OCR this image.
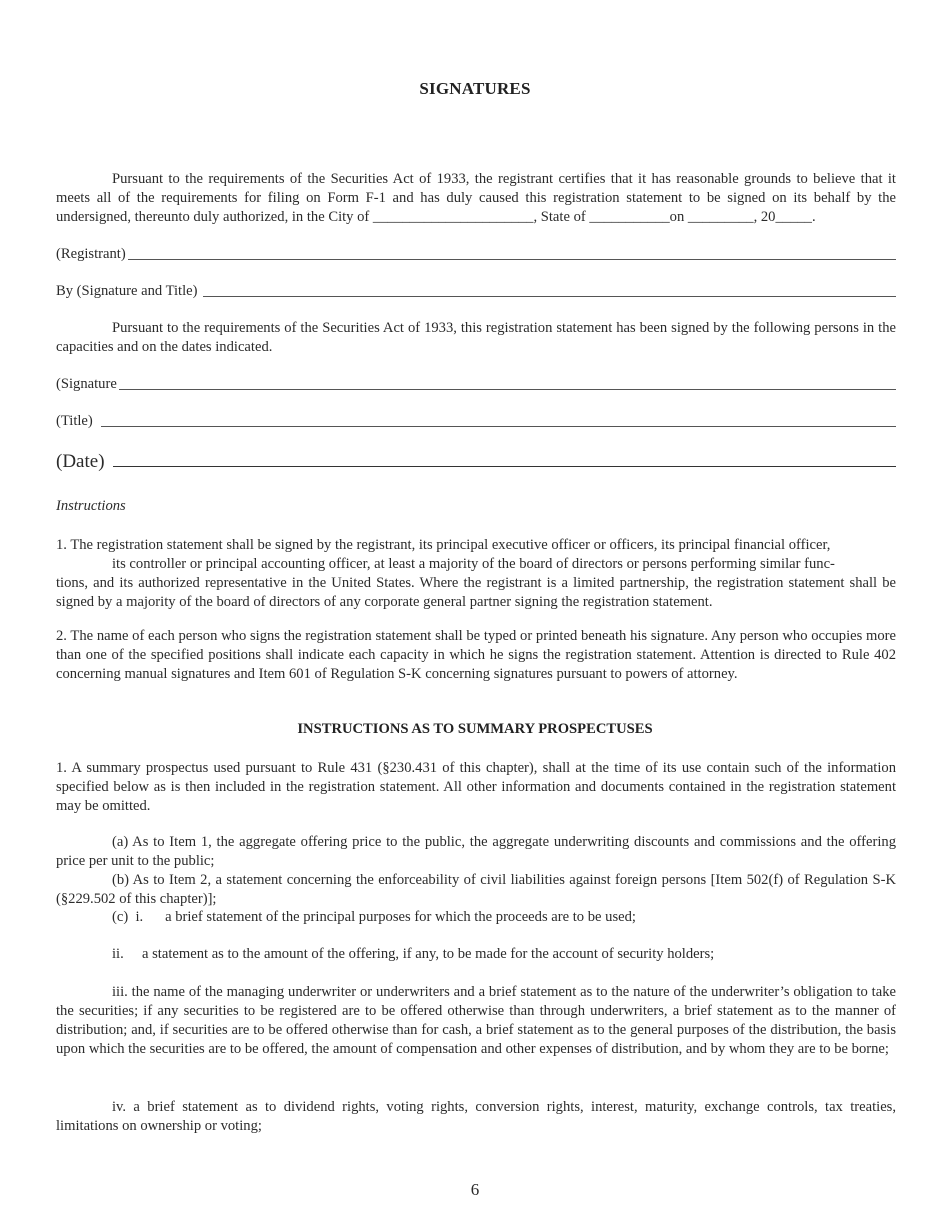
SIGNATURES
Pursuant to the requirements of the Securities Act of 1933, the registrant certifies that it has reasonable grounds to believe that it meets all of the requirements for filing on Form F-1 and has duly caused this registration statement to be signed on its behalf by the undersigned, thereunto duly authorized, in the City of ______________________, State of ___________on _________, 20_____.
(Registrant)
By (Signature and Title)
Pursuant to the requirements of the Securities Act of 1933, this registration statement has been signed by the following persons in the capacities and on the dates indicated.
(Signature
(Title)
(Date)
Instructions
1. The registration statement shall be signed by the registrant, its principal executive officer or officers, its principal financial officer,
its controller or principal accounting officer, at least a majority of the board of directors or persons performing similar func-
tions, and its authorized representative in the United States. Where the registrant is a limited partnership, the registration statement shall be signed by a majority of the board of directors of any corporate general partner signing the registration statement.
2. The name of each person who signs the registration statement shall be typed or printed beneath his signature. Any person who occupies more than one of the specified positions shall indicate each capacity in which he signs the registration statement. Attention is directed to Rule 402 concerning manual signatures and Item 601 of Regulation S-K concerning signatures pursuant to powers of attorney.
INSTRUCTIONS AS TO SUMMARY PROSPECTUSES
1. A summary prospectus used pursuant to Rule 431 (§230.431 of this chapter), shall at the time of its use contain such of the information specified below as is then included in the registration statement. All other information and documents contained in the registration statement may be omitted.
(a) As to Item 1, the aggregate offering price to the public, the aggregate underwriting discounts and commissions and the offering price per unit to the public;
(b) As to Item 2, a statement concerning the enforceability of civil liabilities against foreign persons [Item 502(f) of Regulation S-K (§229.502 of this chapter)];
(c)  i.      a brief statement of the principal purposes for which the proceeds are to be used;
ii.     a statement as to the amount of the offering, if any, to be made for the account of security holders;
iii. the name of the managing underwriter or underwriters and a brief statement as to the nature of the underwriter’s obligation to take the securities; if any securities to be registered are to be offered otherwise than through underwriters, a brief statement as to the manner of distribution; and, if securities are to be offered otherwise than for cash, a brief statement as to the general purposes of the distribution, the basis upon which the securities are to be offered, the amount of compensation and other expenses of distribution, and by whom they are to be borne;
iv. a brief statement as to dividend rights, voting rights, conversion rights, interest, maturity, exchange controls, tax treaties, limitations on ownership or voting;
6
